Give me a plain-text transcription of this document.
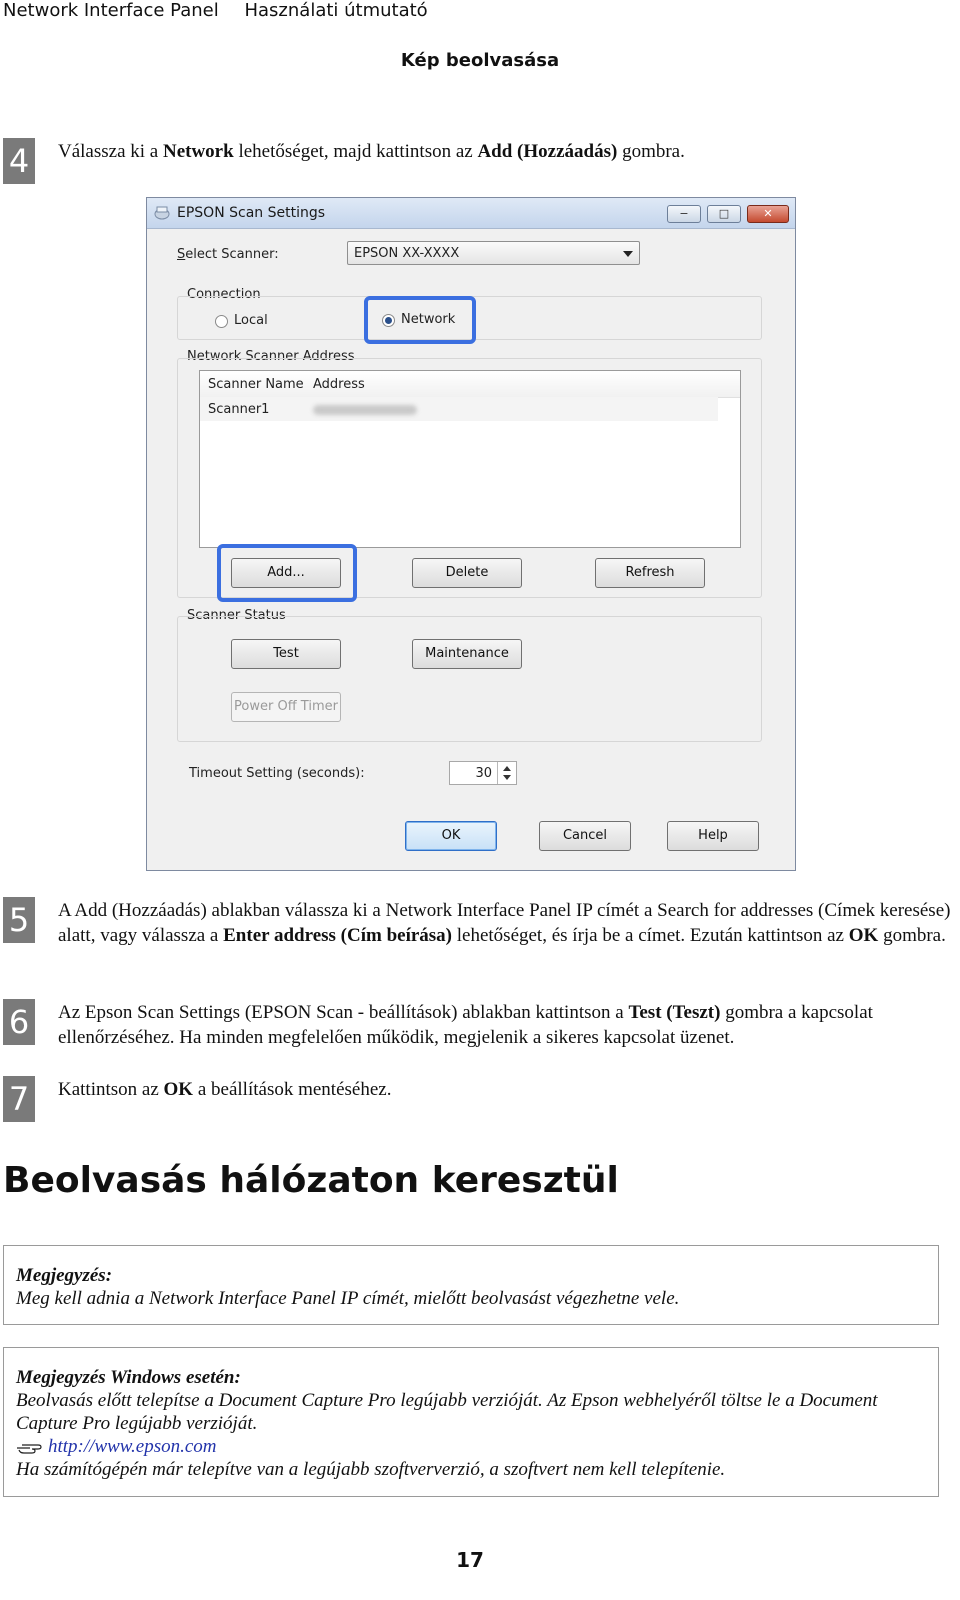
Network Interface Panel Használati útmutató
Kép beolvasása
4	Válassza ki a Network lehetőséget, majd kattintson az Add (Hozzáadás) gombra.
EPSON Scan Settings	−	□	✕
Select Scanner:	EPSON XX-XXXX
Connection
Local	Network
Network Scanner Address
Scanner Name Address
Scanner1
Add...	Delete	Refresh
Scanner Status
Test	Maintenance
Power Off Timer
Timeout Setting (seconds):	30
OK	Cancel	Help
5	A Add (Hozzáadás) ablakban válassza ki a Network Interface Panel IP címét a Search for addresses (Címek keresése) alatt, vagy válassza a Enter address (Cím beírása) lehetőséget, és írja be a címet. Ezután kattintson az OK gombra.
6	Az Epson Scan Settings (EPSON Scan - beállítások) ablakban kattintson a Test (Teszt) gombra a kapcsolat ellenőrzéséhez. Ha minden megfelelően működik, megjelenik a sikeres kapcsolat üzenet.
7	Kattintson az OK a beállítások mentéséhez.
Beolvasás hálózaton keresztül
Megjegyzés:
Meg kell adnia a Network Interface Panel IP címét, mielőtt beolvasást végezhetne vele.
Megjegyzés Windows esetén:
Beolvasás előtt telepítse a Document Capture Pro legújabb verzióját. Az Epson webhelyéről töltse le a Document Capture Pro legújabb verzióját.
http://www.epson.com
Ha számítógépén már telepítve van a legújabb szoftververzió, a szoftvert nem kell telepítenie.
17
